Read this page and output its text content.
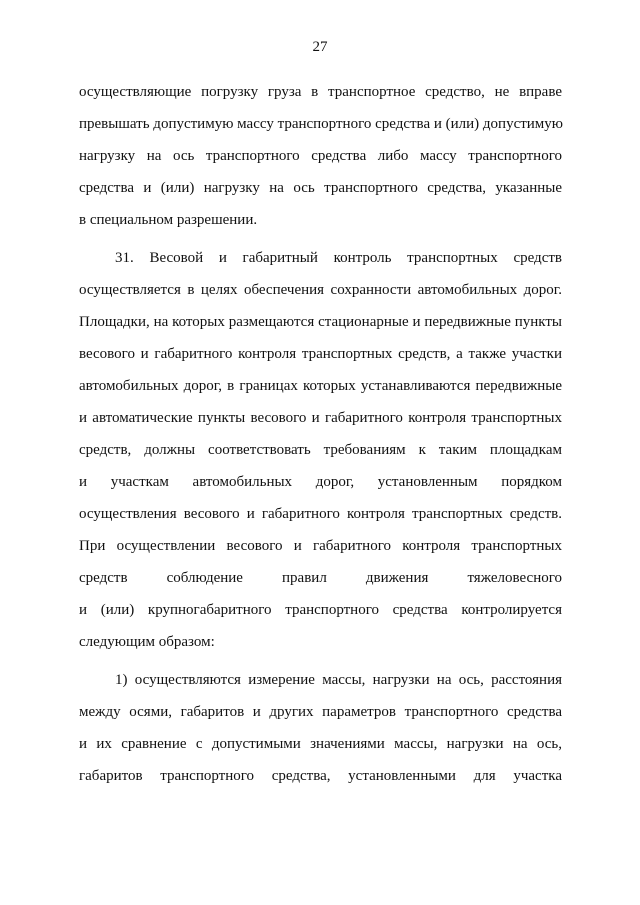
27
осуществляющие погрузку груза в транспортное средство, не вправе
превышать допустимую массу транспортного средства и (или) допустимую
нагрузку на ось транспортного средства либо массу транспортного
средства и (или) нагрузку на ось транспортного средства, указанные
в специальном разрешении.
31. Весовой и габаритный контроль транспортных средств
осуществляется в целях обеспечения сохранности автомобильных дорог.
Площадки, на которых размещаются стационарные и передвижные пункты
весового и габаритного контроля транспортных средств, а также участки
автомобильных дорог, в границах которых устанавливаются передвижные
и автоматические пункты весового и габаритного контроля транспортных
средств, должны соответствовать требованиям к таким площадкам
и участкам автомобильных дорог, установленным порядком
осуществления весового и габаритного контроля транспортных средств.
При осуществлении весового и габаритного контроля транспортных
средств соблюдение правил движения тяжеловесного
и (или) крупногабаритного транспортного средства контролируется
следующим образом:
1) осуществляются измерение массы, нагрузки на ось, расстояния
между осями, габаритов и других параметров транспортного средства
и их сравнение с допустимыми значениями массы, нагрузки на ось,
габаритов транспортного средства, установленными для участка
